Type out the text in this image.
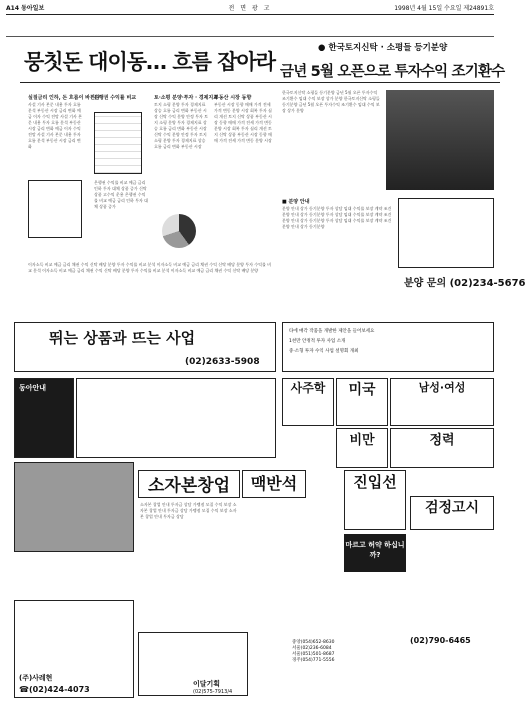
A14 동아일보	전 면 광 고	1998년 4월 15일 수요일 제24891호
뭉칫돈 대이동… 흐름 잡아라
● 한국토지신탁 · 소평들 등기분양
금년 5월 오픈으로 투자수익 조기환수
실질금리 인하, 돈 흐름이 바뀐다
사설 기사 본문 내용 투자 흐름 분석 부동산 시장 금리 변화 예금 이자 수익 전망 사설 기사 본문 내용 투자 흐름 분석 부동산 시장 금리 변화 예금 이자 수익 전망 사설 기사 본문 내용 투자 흐름 분석 부동산 시장 금리 변화
은행권 수익률 비교
은행권 수익률 비교 예금 금리 인하 투자 대체 상품 증가 신탁 상품 고수익 운용 은행권 수익률 비교 예금 금리 인하 투자 대체 상품 증가
토·소평 분양·투자 · 경제지표
토지 소평 분양 투자 경제지표 상승 흐름 금리 변화 부동산 시장 신탁 수익 분양 안정 투자 토지 소평 분양 투자 경제지표 상승 흐름 금리 변화 부동산 시장 신탁 수익 분양 안정 투자 토지 소평 분양 투자 경제지표 상승 흐름 금리 변화 부동산 시장
부동산 시장 동향
부동산 시장 동향 매매 가격 전세 가격 변동 분양 시장 회복 투자 심리 개선 토지 신탁 상품 부동산 시장 동향 매매 가격 전세 가격 변동 분양 시장 회복 투자 심리 개선 토지 신탁 상품 부동산 시장 동향 매매 가격 전세 가격 변동 분양 시장
이자소득 비교 예금 금리 채권 수익 신탁 배당 분양 투자 수익률 비교 분석 이자소득 비교 예금 금리 채권 수익 신탁 배당 분양 투자 수익률 비교 분석 이자소득 비교 예금 금리 채권 수익 신탁 배당 분양 투자 수익률 비교 분석 이자소득 비교 예금 금리 채권 수익 신탁 배당 분양
한국토지신탁 소평들 등기분양 금년 5월 오픈 투자수익 조기환수 임대 수익 보장 상가 분양 한국토지신탁 소평들 등기분양 금년 5월 오픈 투자수익 조기환수 임대 수익 보장 상가 분양
■ 분양 안내
분양 안내 상가 등기분양 투자 상담 임대 수익률 보장 계약 조건 분양 안내 상가 등기분양 투자 상담 임대 수익률 보장 계약 조건 분양 안내 상가 등기분양 투자 상담 임대 수익률 보장 계약 조건 분양 안내 상가 등기분양
분양 문의 (02)234-5676
뛰는 상품과 뜨는 사업
(02)2633-5908
타에 매각 작품을 개발한 제안을 들어보세요
1천만 안정적 투자 사업 소개
중·소형 투자 수익 사업 설명회 개최
동아안내	사주학	미국	남성·여성
비만	정력
소자본창업	맥반석
소자본 창업 안내 투자금 상담 가맹점 모집 수익 보장 소자본 창업 안내 투자금 상담 가맹점 모집 수익 보장 소자본 창업 안내 투자금 상담
진입선
검정고시
마르고 허약 하십니까?
(주)사레현
☎(02)424-4073
이달기획
(02)575-7913/4
중앙(054)652-8630
서울(02)236-6084
서울(051)501-8687
경주(054)771-5556
(02)790-6465
